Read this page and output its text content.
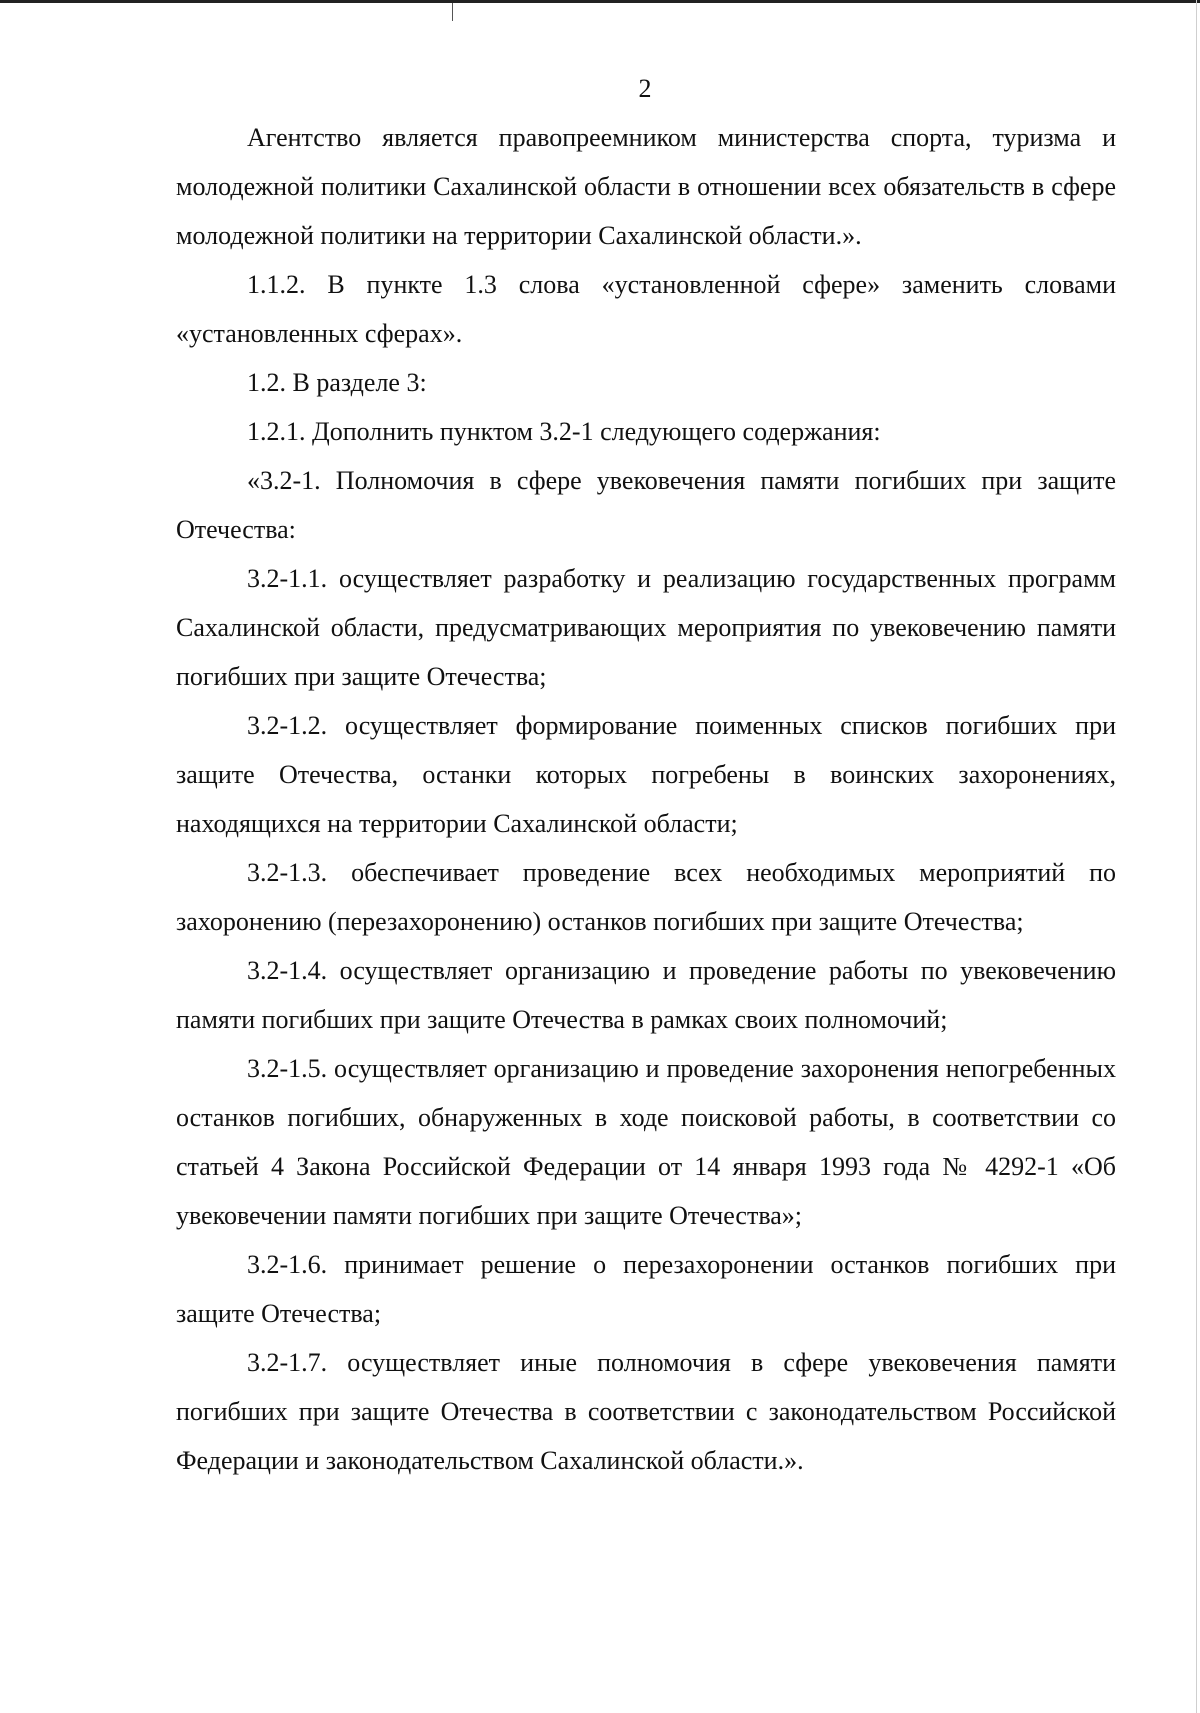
2

Агентство является правопреемником министерства спорта, туризма и молодежной политики Сахалинской области в отношении всех обязательств в сфере молодежной политики на территории Сахалинской области.».

1.1.2. В пункте 1.3 слова «установленной сфере» заменить словами «установленных сферах».

1.2. В разделе 3:

1.2.1. Дополнить пунктом 3.2-1 следующего содержания:

«3.2-1. Полномочия в сфере увековечения памяти погибших при защите Отечества:

3.2-1.1. осуществляет разработку и реализацию государственных программ Сахалинской области, предусматривающих мероприятия по увековечению памяти погибших при защите Отечества;

3.2-1.2. осуществляет формирование поименных списков погибших при защите Отечества, останки которых погребены в воинских захоронениях, находящихся на территории Сахалинской области;

3.2-1.3. обеспечивает проведение всех необходимых мероприятий по захоронению (перезахоронению) останков погибших при защите Отечества;

3.2-1.4. осуществляет организацию и проведение работы по увековечению памяти погибших при защите Отечества в рамках своих полномочий;

3.2-1.5. осуществляет организацию и проведение захоронения непогребенных останков погибших, обнаруженных в ходе поисковой работы, в соответствии со статьей 4 Закона Российской Федерации от 14 января 1993 года № 4292-1 «Об увековечении памяти погибших при защите Отечества»;

3.2-1.6. принимает решение о перезахоронении останков погибших при защите Отечества;

3.2-1.7. осуществляет иные полномочия в сфере увековечения памяти погибших при защите Отечества в соответствии с законодательством Российской Федерации и законодательством Сахалинской области.».
